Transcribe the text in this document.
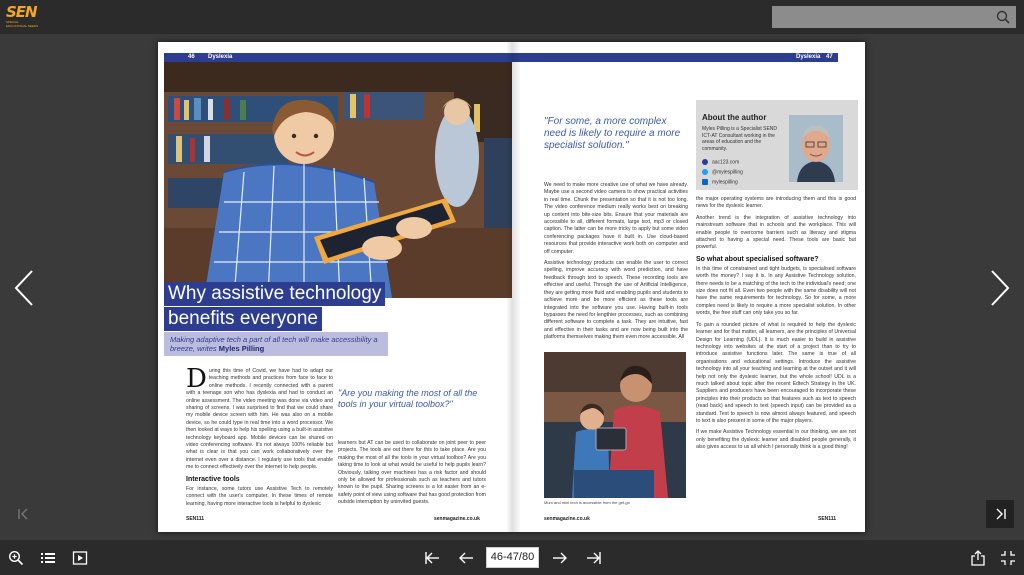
SEN
SPECIAL EDUCATIONAL NEEDS
46 Dyslexia
Why assistive technology
benefits everyone
Making adaptive tech a part of all tech will make accessibility a breeze, writes Myles Pilling
D uring this time of Covid, we have had to adapt our teaching methods and practices from face to face to online methods. I recently connected with a parent with a teenage son who has dyslexia and had to conduct an online assessment. The video meeting was done via video and sharing of screens. I was surprised to find that we could share my mobile device screen with him. He was also on a mobile device, so he could type in real time into a word processor. We then looked at ways to help his spelling using a built-in assistive technology keyboard app. Mobile devices can be shared on video conferencing software. It's not always 100% reliable but what is clear is that you can work collaboratively over the internet even over a distance. I regularly use tools that enable me to connect effectively over the internet to help people.
Interactive tools
For instance, some tutors use Assistive Tech to remotely connect with the user's computer. In these times of remote learning, having more interactive tools is helpful to dyslexic
"Are you making the most of all the tools in your virtual toolbox?"
learners but AT can be used to collaborate on joint peer to peer projects. The tools are out there for this to take place. Are you making the most of all the tools in your virtual toolbox? Are you taking time to look at what would be useful to help pupils learn? Obviously, talking over machines has a risk factor and should only be allowed for professionals such as teachers and tutors known to the pupil. Sharing screens is a lot easier from an e-safety point of view using software that has good protection from outside interruption by uninvited guests.
SEN111	senmagazine.co.uk
Dyslexia 47
"For some, a more complex need is likely to require a more specialist solution."
We need to make more creative use of what we have already. Maybe use a second video camera to show practical activities in real time. Chunk the presentation so that it is not too long. The video conference medium really works best on breaking up content into bite-size bits. Ensure that your materials are accessible to all, different formats, large text, mp3 or closed caption. The latter can be more tricky to apply but some video conferencing packages have it built in. Use cloud-based resources that provide interactive work both on computer and off computer.
Assistive technology products can enable the user to correct spelling, improve accuracy with word prediction, and have feedback through text to speech. These recording tools are effective and useful. Through the use of Artificial Intelligence, they are getting more fluid and enabling pupils and students to achieve more and be more efficient as these tools are integrated into the software you use. Having built-in tools bypasses the need for lengthier processes, such as combining different software to complete a task. They are intuitive, fast and effective in their tasks and are now being built into the platforms themselves making them even more accessible. All
Mum and mini tech is accessible from the get-go
About the author
Myles Pilling is a Specialist SEND ICT-AT Consultant working in the areas of education and the community.
aac123.com
@mylespilling
mylespilling
the major operating systems are introducing them and this is good news for the dyslexic learner.
Another trend is the integration of assistive technology into mainstream software that in schools and the workplace. This will enable people to overcome barriers such as literacy and stigma attached to having a special need. These tools are basic but powerful.
So what about specialised software?
In this time of constrained and tight budgets, is specialised software worth the money? I say it is. In any Assistive Technology solution, there needs to be a matching of the tech to the individual's need; one size does not fit all. Even two people with the same disability will not have the same requirements for technology. So for some, a more complex need is likely to require a more specialist solution. In other words, the free stuff can only take you so far.
To gain a rounded picture of what is required to help the dyslexic learner and for that matter, all learners, are the principles of Universal Design for Learning (UDL). It is much easier to build in assistive technology into websites at the start of a project than to try to introduce assistive functions later. The same is true of all organisations and educational settings. Introduce the assistive technology into all your teaching and learning at the outset and it will help not only the dyslexic learner, but the whole school! UDL is a much talked about topic after the recent Edtech Strategy in the UK. Suppliers and producers have been encouraged to incorporate these principles into their products so that features such as text to speech (read back) and speech to text (speech input) can be provided as a standard. Text to speech is now almost always featured, and speech to text is also present in some of the major players.
If we make Assistive Technology essential in our thinking, we are not only benefiting the dyslexic learner and disabled people generally, it also gives access to us all which I personally think is a good thing!
senmagazine.co.uk	SEN111
46-47/80
